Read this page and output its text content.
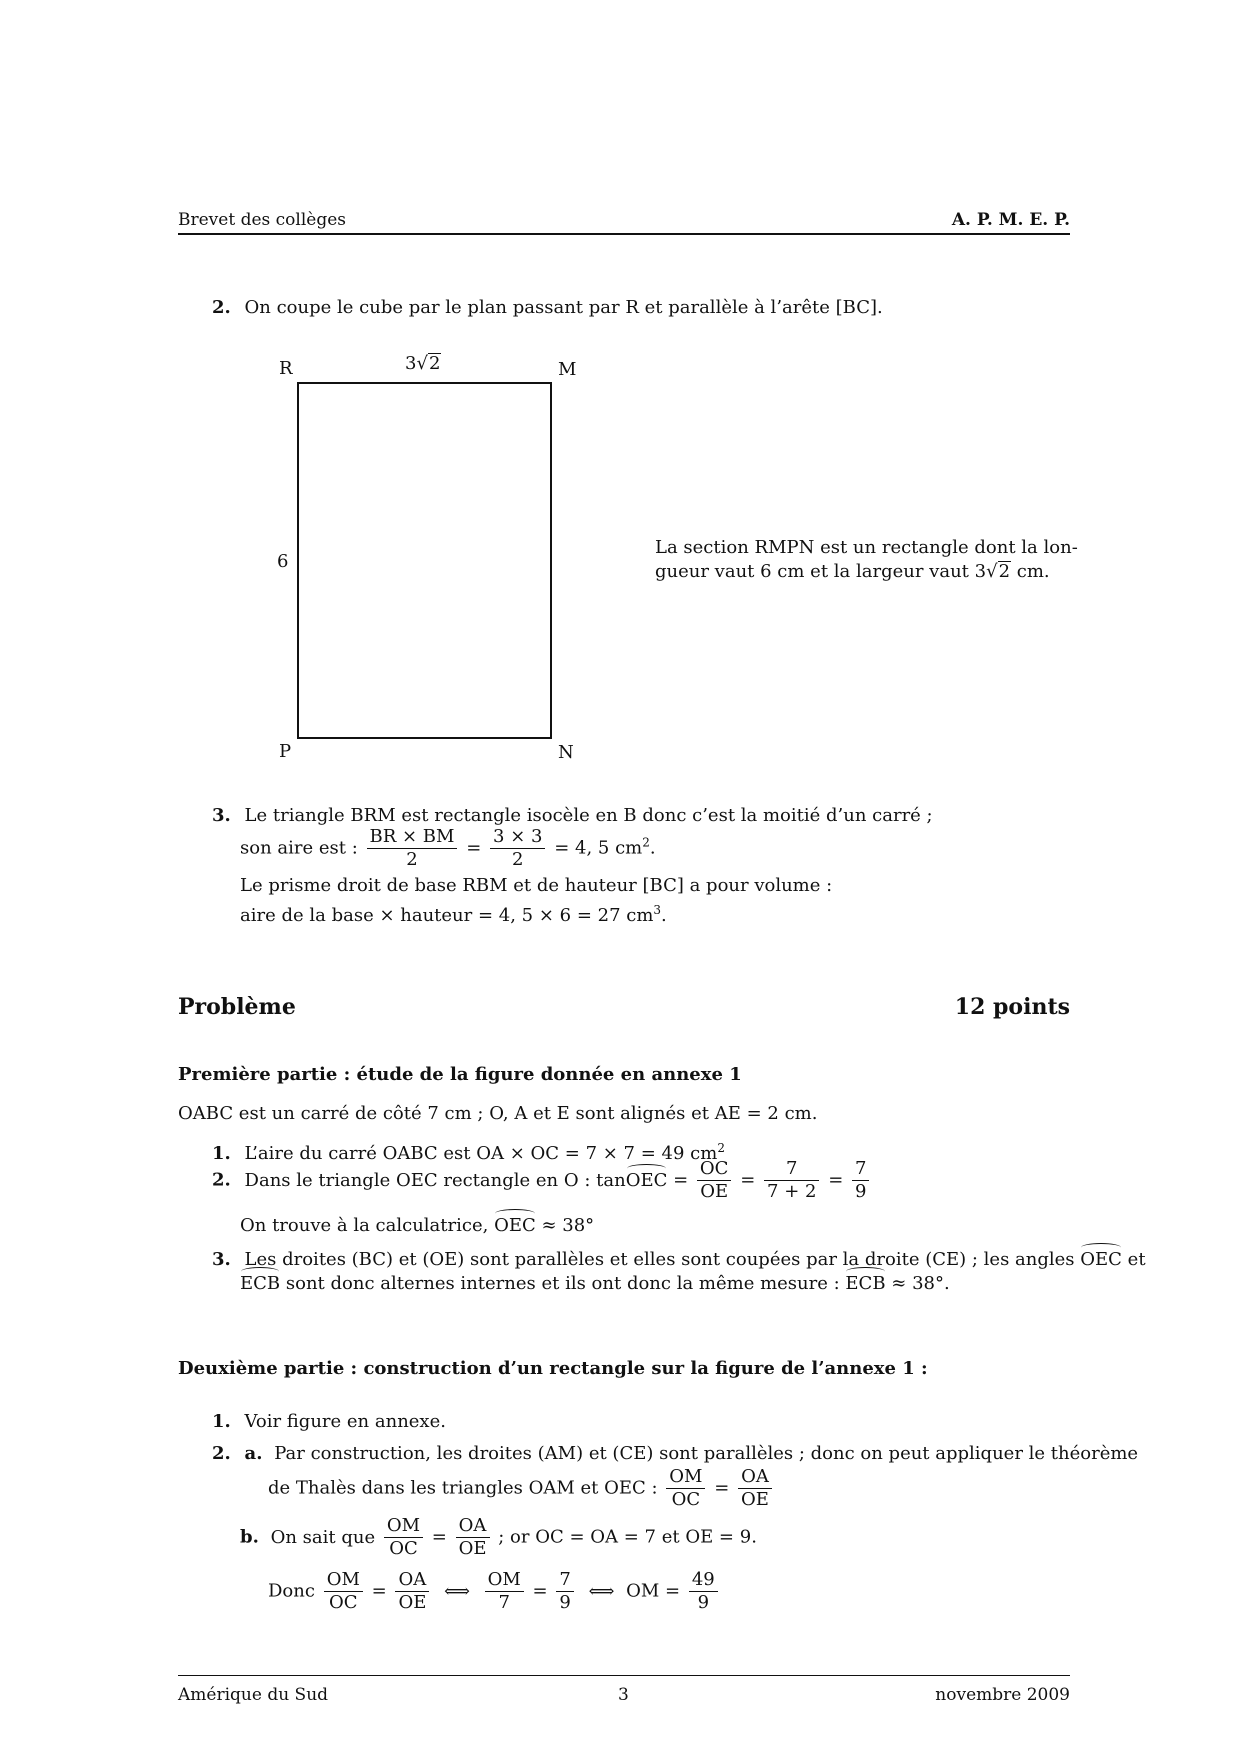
Brevet des collèges	A. P. M. E. P.
2. On coupe le cube par le plan passant par R et parallèle à l’arête [BC].
R	M
P	N
3√2
6
La section RMPN est un rectangle dont la lon-
gueur vaut 6 cm et la largeur vaut 3√2 cm.
3. Le triangle BRM est rectangle isocèle en B donc c’est la moitié d’un carré ;
son aire est : $\frac{BR \times BM}{2} = \frac{3 \times 3}{2} = 4$, 5 $cm^2$.
Le prisme droit de base RBM et de hauteur [BC] a pour volume :
aire de la base × hauteur = 4, 5 × 6 = 27 $cm^3$.
Problème	12 points
Première partie : étude de la figure donnée en annexe 1
OABC est un carré de côté 7 cm ; O, A et E sont alignés et AE = 2 cm.
1. L’aire du carré OABC est OA × OC = 7 × 7 = 49 $cm^2$
2. Dans le triangle OEC rectangle en O : tanOEC = $\frac{OC}{OE} = \frac{7}{7 + 2} = \frac{7}{9}$
On trouve à la calculatrice, OEC ≈ 38°
3. Les droites (BC) et (OE) sont parallèles et elles sont coupées par la droite (CE) ; les angles OEC et
ECB sont donc alternes internes et ils ont donc la même mesure : ECB ≈ 38°.
Deuxième partie : construction d’un rectangle sur la figure de l’annexe 1 :
1. Voir figure en annexe.
2. a. Par construction, les droites (AM) et (CE) sont parallèles ; donc on peut appliquer le théorème
de Thalès dans les triangles OAM et OEC : $\frac{OM}{OC} = \frac{OA}{OE}$
b. On sait que $\frac{OM}{OC} = \frac{OA}{OE}$ ; or OC = OA = 7 et OE = 9.
Donc $\frac{OM}{OC} = \frac{OA}{OE}$ ⟺ $\frac{OM}{7} = \frac{7}{9}$ ⟺ OM = $\frac{49}{9}$
Amérique du Sud	3	novembre 2009
